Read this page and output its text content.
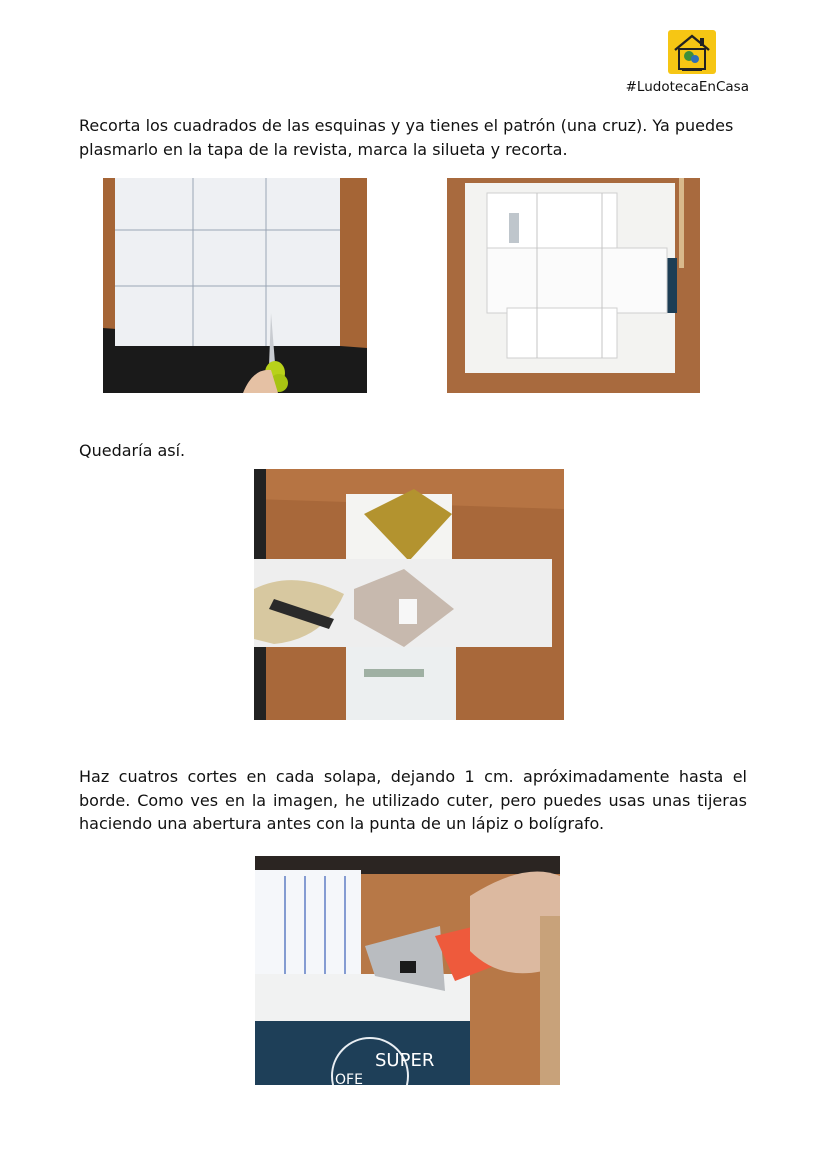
#LudotecaEnCasa

Recorta los cuadrados de las esquinas y ya tienes el patrón (una cruz). Ya puedes plasmarlo en la tapa de la revista, marca la silueta y recorta.

Quedaría así.

Haz cuatros cortes en cada solapa, dejando 1 cm. apróximadamente hasta el borde. Como ves en la imagen, he utilizado cuter, pero puedes usas unas tijeras haciendo una abertura antes con la punta de un lápiz o bolígrafo.

SUPER
OFE
